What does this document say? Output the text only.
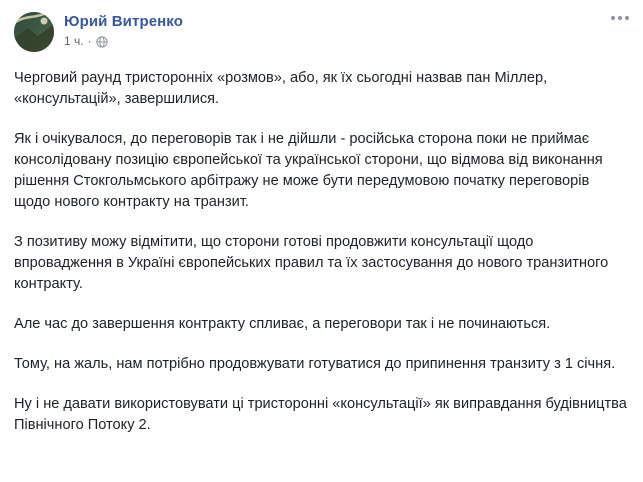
Юрий Витренко
1 ч. ·

Черговий раунд тристоронніх «розмов», або, як їх сьогодні назвав пан Міллер, «консультацій», завершилися.

Як і очікувалося, до переговорів так і не дійшли - російська сторона поки не приймає консолідовану позицію європейської та української сторони, що відмова від виконання рішення Стокгольмського арбітражу не може бути передумовою початку переговорів щодо нового контракту на транзит.

З позитиву можу відмітити, що сторони готові продовжити консультації щодо впровадження в Україні європейських правил та їх застосування до нового транзитного контракту.

Але час до завершення контракту спливає, а переговори так і не починаються.

Тому, на жаль, нам потрібно продовжувати готуватися до припинення транзиту з 1 січня.

Ну і не давати використовувати ці тристоронні «консультації» як виправдання будівництва Північного Потоку 2.
